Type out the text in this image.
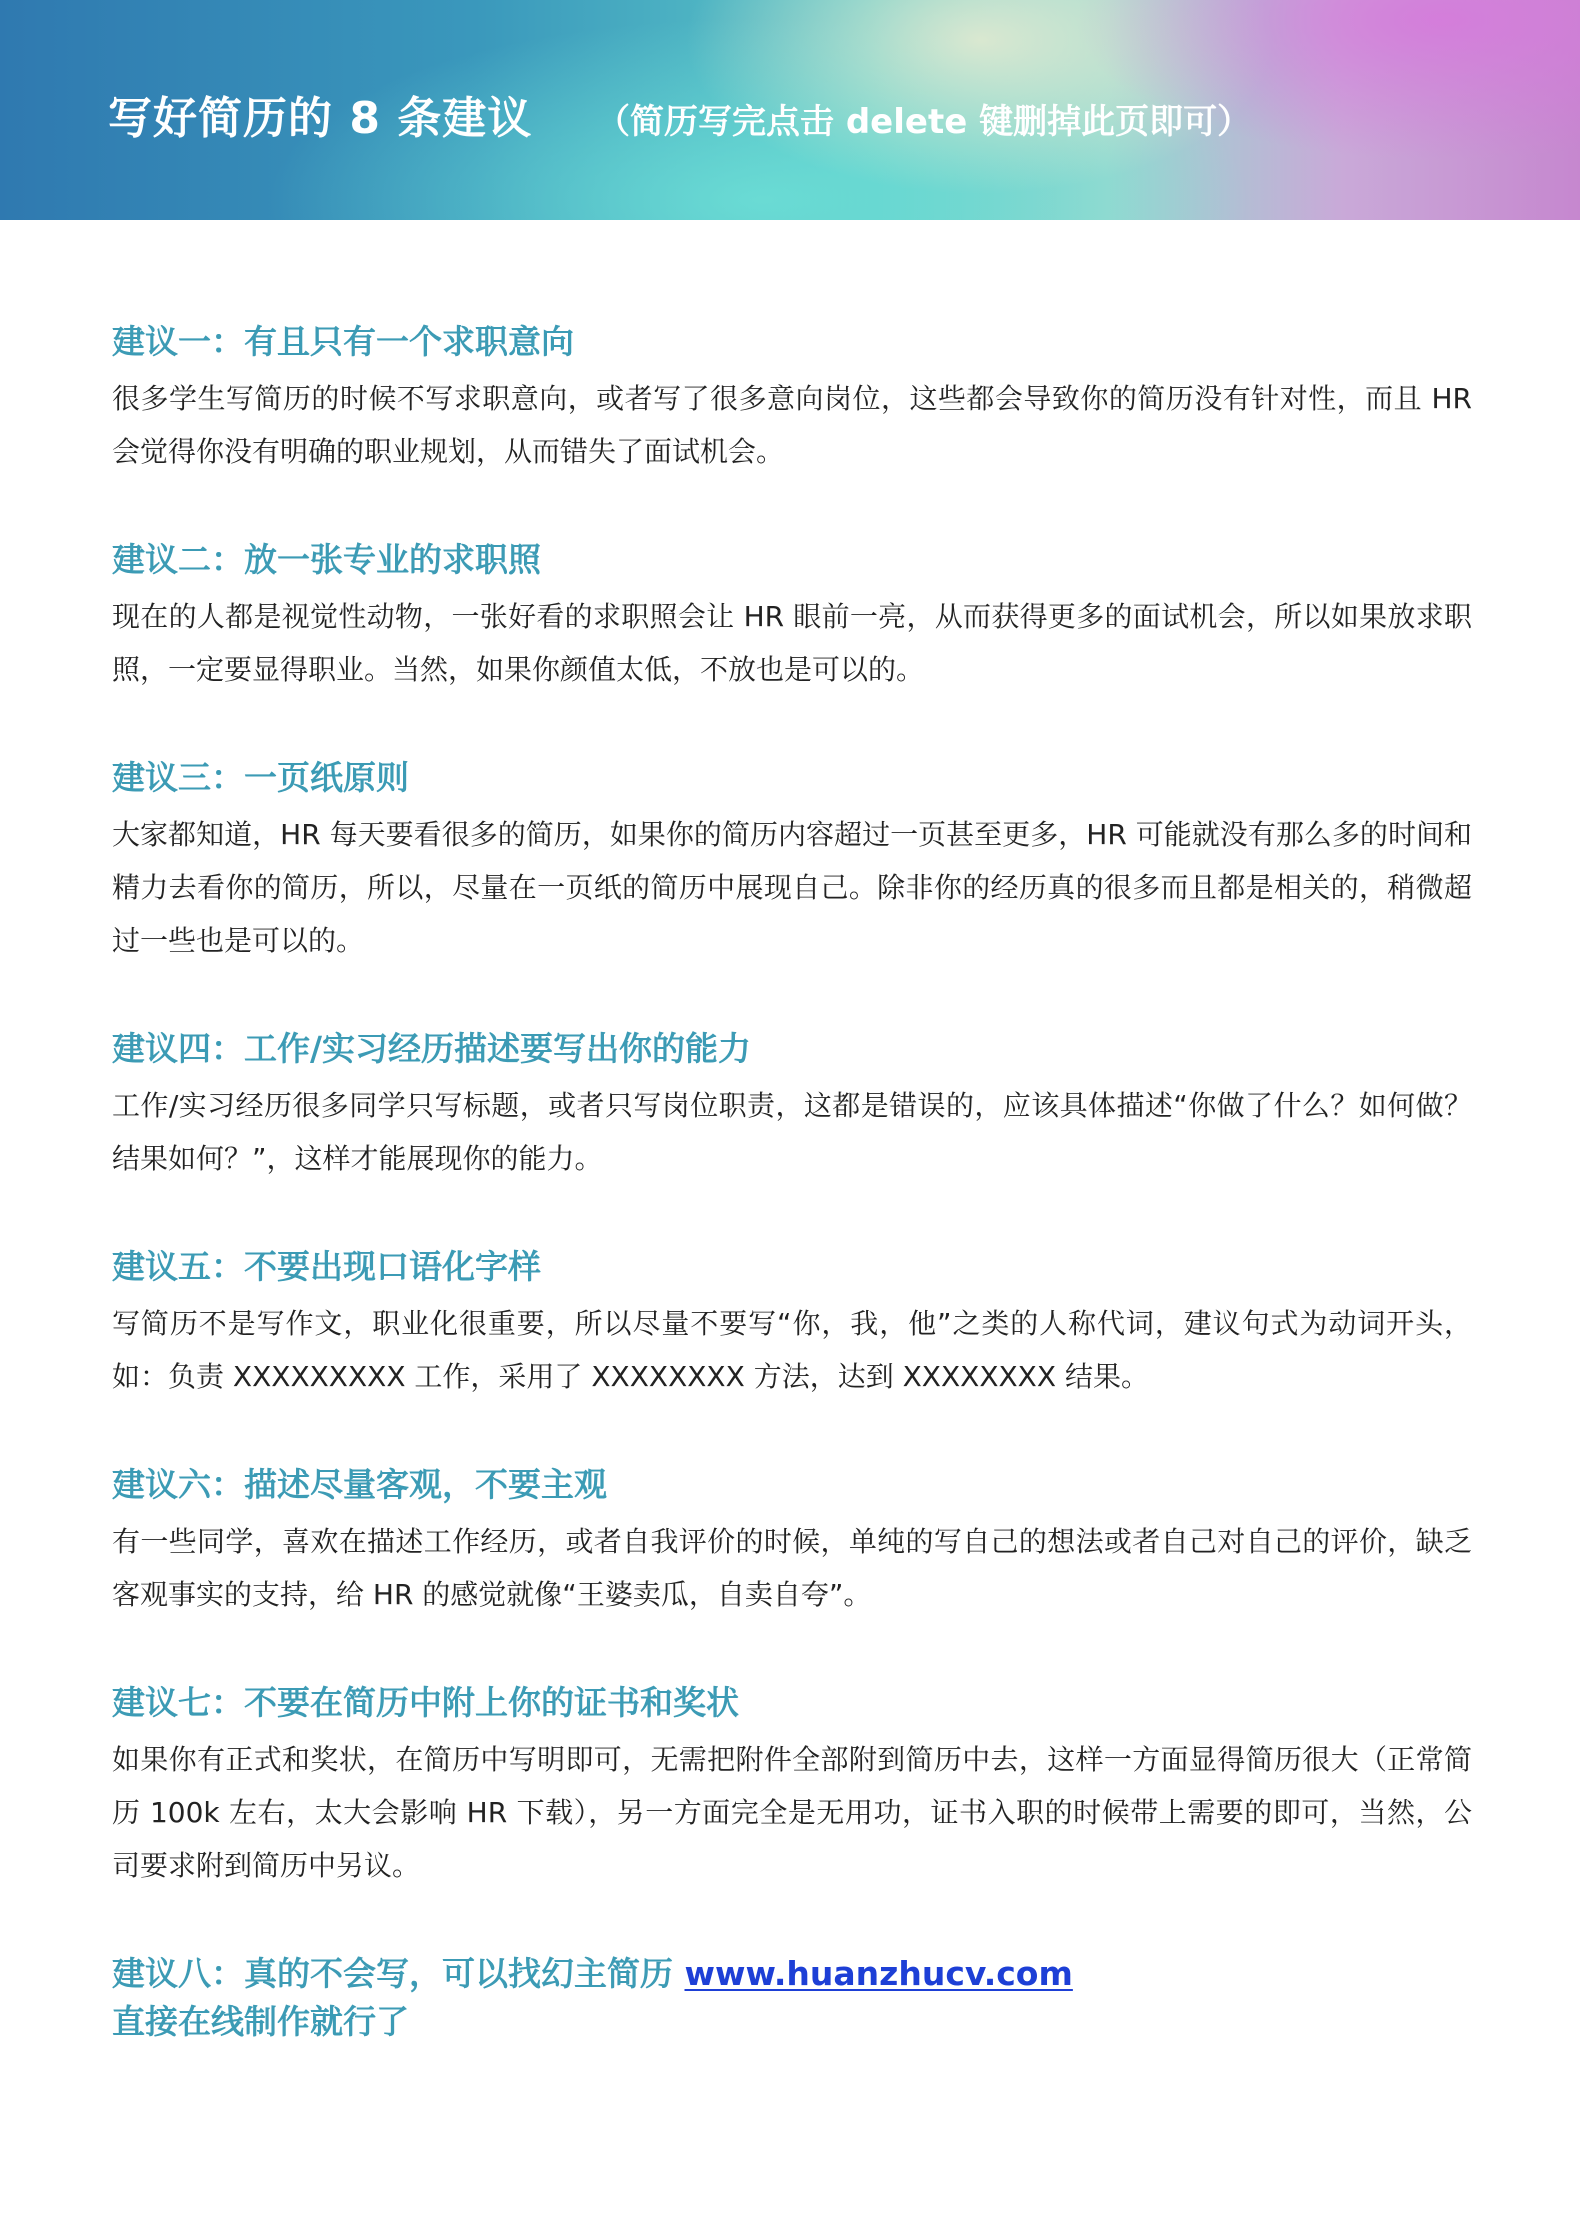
写好简历的 8 条建议 （简历写完点击 delete 键删掉此页即可）
建议一：有且只有一个求职意向

很多学生写简历的时候不写求职意向，或者写了很多意向岗位，这些都会导致你的简历没有针对性，而且 HR 会觉得你没有明确的职业规划，从而错失了面试机会。

建议二：放一张专业的求职照

现在的人都是视觉性动物，一张好看的求职照会让 HR 眼前一亮，从而获得更多的面试机会，所以如果放求职照，一定要显得职业。当然，如果你颜值太低，不放也是可以的。

建议三：一页纸原则

大家都知道，HR 每天要看很多的简历，如果你的简历内容超过一页甚至更多，HR 可能就没有那么多的时间和精力去看你的简历，所以，尽量在一页纸的简历中展现自己。除非你的经历真的很多而且都是相关的，稍微超过一些也是可以的。

建议四：工作/实习经历描述要写出你的能力

工作/实习经历很多同学只写标题，或者只写岗位职责，这都是错误的，应该具体描述“你做了什么？如何做？结果如何？”，这样才能展现你的能力。

建议五：不要出现口语化字样

写简历不是写作文，职业化很重要，所以尽量不要写“你，我，他”之类的人称代词，建议句式为动词开头，如：负责 XXXXXXXXX 工作，采用了 XXXXXXXX 方法，达到 XXXXXXXX 结果。

建议六：描述尽量客观，不要主观

有一些同学，喜欢在描述工作经历，或者自我评价的时候，单纯的写自己的想法或者自己对自己的评价，缺乏客观事实的支持，给 HR 的感觉就像“王婆卖瓜，自卖自夸”。

建议七：不要在简历中附上你的证书和奖状

如果你有正式和奖状，在简历中写明即可，无需把附件全部附到简历中去，这样一方面显得简历很大（正常简历 100k 左右，太大会影响 HR 下载），另一方面完全是无用功，证书入职的时候带上需要的即可，当然，公司要求附到简历中另议。

建议八：真的不会写，可以找幻主简历 www.huanzhucv.com
直接在线制作就行了
